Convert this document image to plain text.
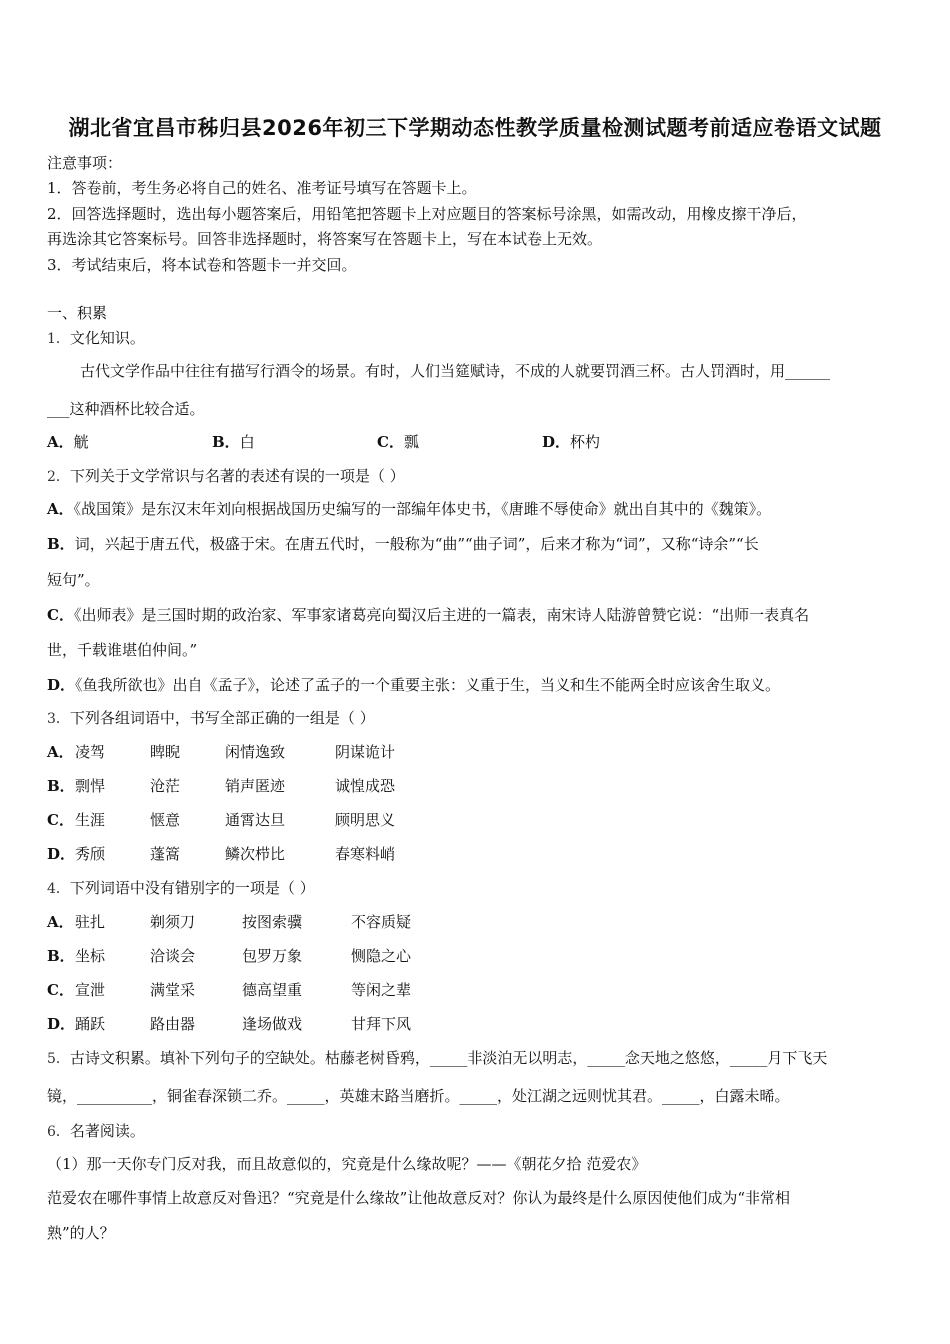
湖北省宜昌市秭归县2026年初三下学期动态性教学质量检测试题考前适应卷语文试题
注意事项：
1．答卷前，考生务必将自己的姓名、准考证号填写在答题卡上。
2．回答选择题时，选出每小题答案后，用铅笔把答题卡上对应题目的答案标号涂黑，如需改动，用橡皮擦干净后，
再选涂其它答案标号。回答非选择题时，将答案写在答题卡上，写在本试卷上无效。
3．考试结束后，将本试卷和答题卡一并交回。
一、积累
1．文化知识。
古代文学作品中往往有描写行酒令的场景。有时，人们当筵赋诗，不成的人就要罚酒三杯。古人罚酒时，用______
___这种酒杯比较合适。
A．觥	B．白	C．瓢	D．杯杓
2．下列关于文学常识与名著的表述有误的一项是（ ）
A．《战国策》是东汉末年刘向根据战国历史编写的一部编年体史书，《唐雎不辱使命》就出自其中的《魏策》。
B．词，兴起于唐五代，极盛于宋。在唐五代时，一般称为“曲”“曲子词”，后来才称为“词”，又称“诗余”“长
短句”。
C．《出师表》是三国时期的政治家、军事家诸葛亮向蜀汉后主进的一篇表，南宋诗人陆游曾赞它说：“出师一表真名
世，千载谁堪伯仲间。”
D．《鱼我所欲也》出自《孟子》，论述了孟子的一个重要主张：义重于生，当义和生不能两全时应该舍生取义。
3．下列各组词语中，书写全部正确的一组是（ ）
A．凌驾	睥睨	闲情逸致	阴谋诡计
B．剽悍	沧茫	销声匿迹	诚惶成恐
C．生涯	惬意	通霄达旦	顾明思义
D．秀颀	蓬篙	鳞次栉比	春寒料峭
4．下列词语中没有错别字的一项是（ ）
A．驻扎	剃须刀	按图索骥	不容质疑
B．坐标	洽谈会	包罗万象	恻隐之心
C．宣泄	满堂采	德高望重	等闲之辈
D．踊跃	路由器	逢场做戏	甘拜下风
5．古诗文积累。填补下列句子的空缺处。枯藤老树昏鸦，_____非淡泊无以明志，_____念天地之悠悠，_____月下飞天
镜，__________，铜雀春深锁二乔。_____，英雄末路当磨折。_____，处江湖之远则忧其君。_____，白露未晞。
6．名著阅读。
（1）那一天你专门反对我，而且故意似的，究竟是什么缘故呢？——《朝花夕拾 范爱农》
范爱农在哪件事情上故意反对鲁迅？“究竟是什么缘故”让他故意反对？你认为最终是什么原因使他们成为“非常相
熟”的人？
